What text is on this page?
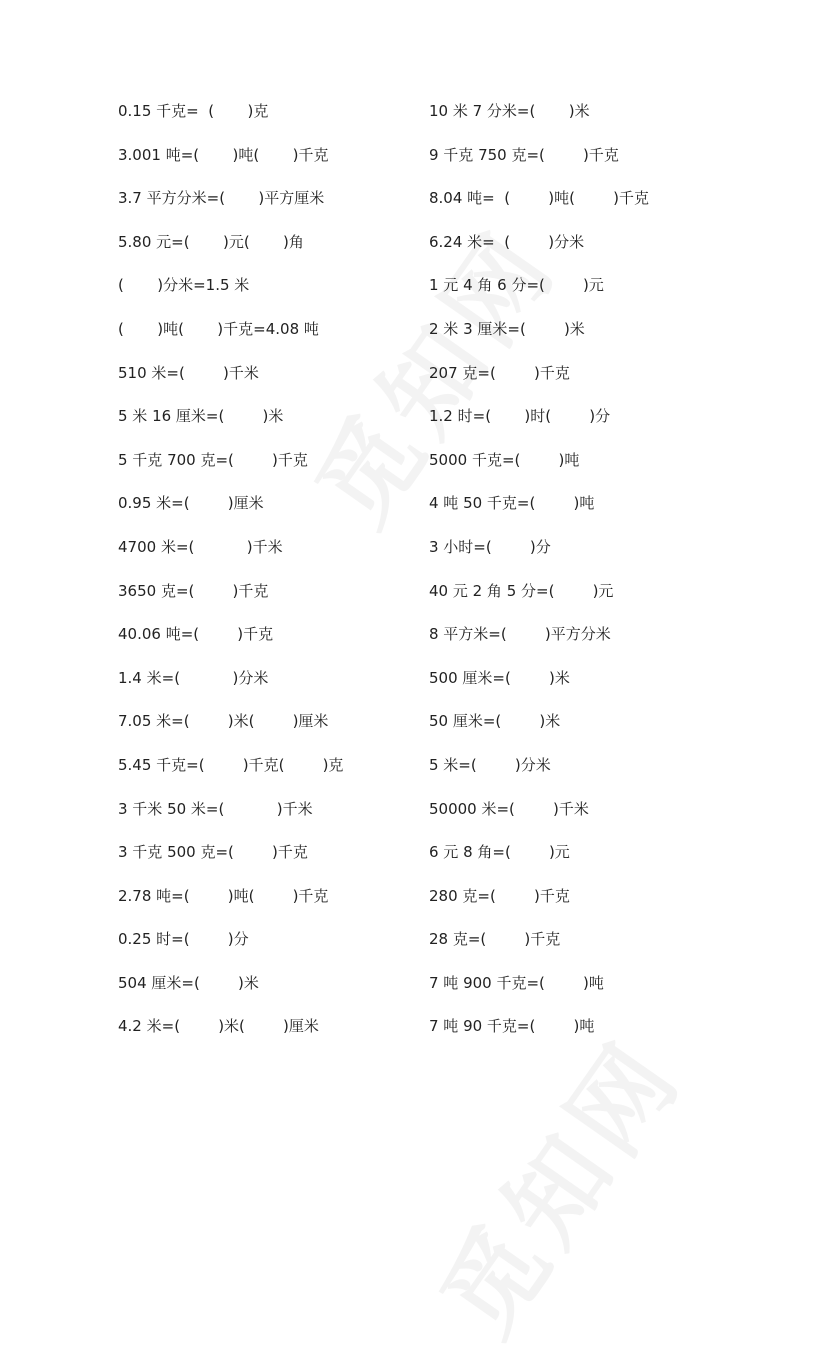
0.15 千克=  (       )克	10 米 7 分米=(       )米
3.001 吨=(       )吨(       )千克	9 千克 750 克=(        )千克
3.7 平方分米=(       )平方厘米	8.04 吨=  (        )吨(        )千克
5.80 元=(       )元(       )角	6.24 米=  (        )分米
(       )分米=1.5 米	1 元 4 角 6 分=(        )元
(       )吨(       )千克=4.08 吨	2 米 3 厘米=(        )米
510 米=(        )千米	207 克=(        )千克
5 米 16 厘米=(        )米	1.2 时=(       )时(        )分
5 千克 700 克=(        )千克	5000 千克=(        )吨
0.95 米=(        )厘米	4 吨 50 千克=(        )吨
4700 米=(           )千米	3 小时=(        )分
3650 克=(        )千克	40 元 2 角 5 分=(        )元
40.06 吨=(        )千克	8 平方米=(        )平方分米
1.4 米=(           )分米	500 厘米=(        )米
7.05 米=(        )米(        )厘米	50 厘米=(        )米
5.45 千克=(        )千克(        )克	5 米=(        )分米
3 千米 50 米=(           )千米	50000 米=(        )千米
3 千克 500 克=(        )千克	6 元 8 角=(        )元
2.78 吨=(        )吨(        )千克	280 克=(        )千克
0.25 时=(        )分	28 克=(        )千克
504 厘米=(        )米	7 吨 900 千克=(        )吨
4.2 米=(        )米(        )厘米	7 吨 90 千克=(        )吨
